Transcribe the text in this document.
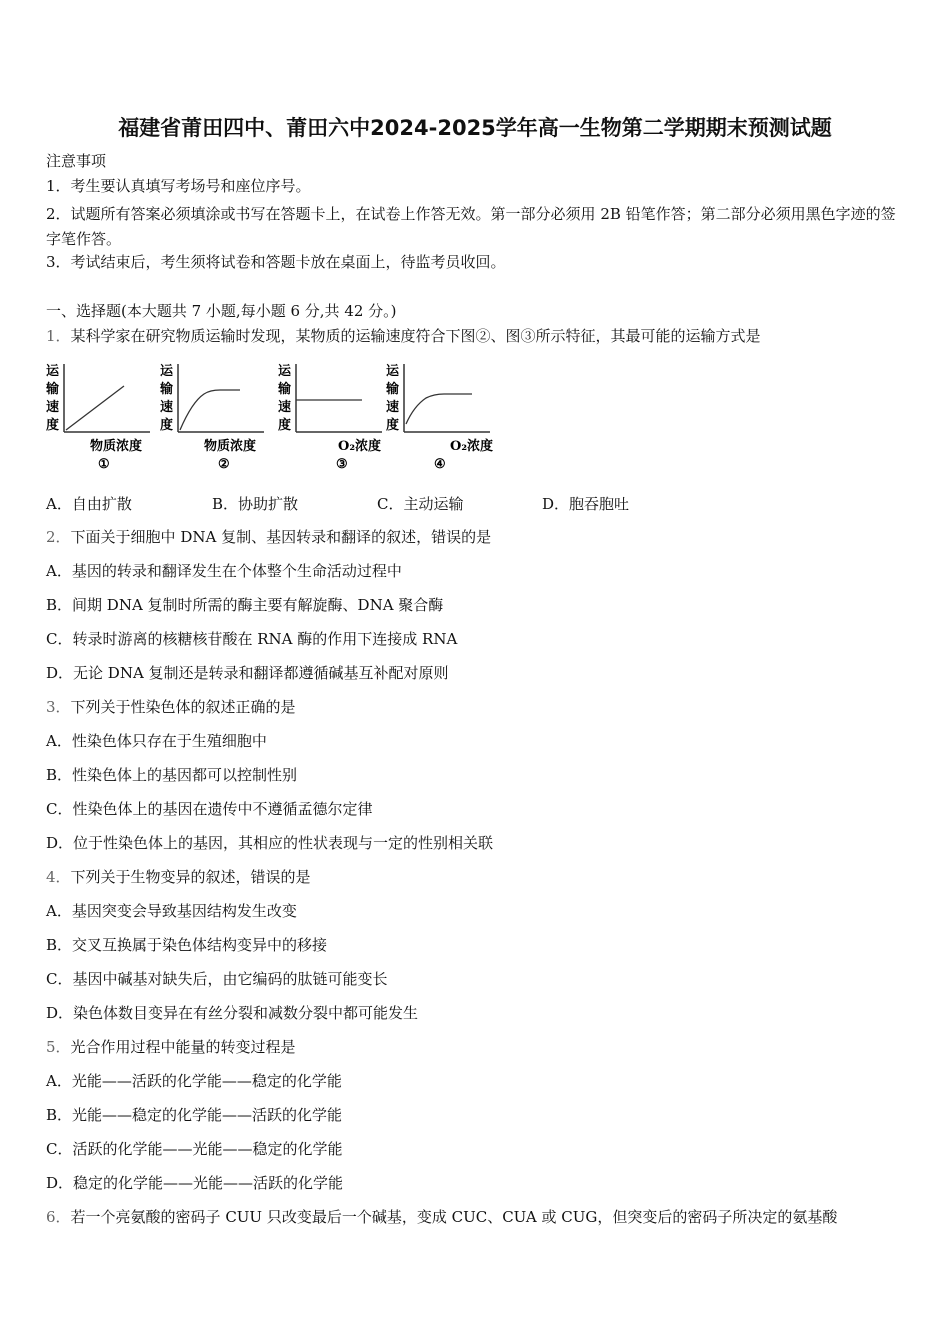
福建省莆田四中、莆田六中2024-2025学年高一生物第二学期期末预测试题
注意事项
1．考生要认真填写考场号和座位序号。
2．试题所有答案必须填涂或书写在答题卡上，在试卷上作答无效。第一部分必须用 2B 铅笔作答；第二部分必须用黑色字迹的签字笔作答。
3．考试结束后，考生须将试卷和答题卡放在桌面上，待监考员收回。
一、选择题(本大题共 7 小题,每小题 6 分,共 42 分。)
1．某科学家在研究物质运输时发现，某物质的运输速度符合下图②、图③所示特征，其最可能的运输方式是
运
输
速
度
物质浓度
①
运
输
速
度
物质浓度
②
运
输
速
度
O₂浓度
③
运
输
速
度
O₂浓度
④
A．自由扩散	B．协助扩散	C．主动运输	D．胞吞胞吐
2．下面关于细胞中 DNA 复制、基因转录和翻译的叙述，错误的是
A．基因的转录和翻译发生在个体整个生命活动过程中
B．间期 DNA 复制时所需的酶主要有解旋酶、DNA 聚合酶
C．转录时游离的核糖核苷酸在 RNA 酶的作用下连接成 RNA
D．无论 DNA 复制还是转录和翻译都遵循碱基互补配对原则
3．下列关于性染色体的叙述正确的是
A．性染色体只存在于生殖细胞中
B．性染色体上的基因都可以控制性别
C．性染色体上的基因在遗传中不遵循孟德尔定律
D．位于性染色体上的基因，其相应的性状表现与一定的性别相关联
4．下列关于生物变异的叙述，错误的是
A．基因突变会导致基因结构发生改变
B．交叉互换属于染色体结构变异中的移接
C．基因中碱基对缺失后，由它编码的肽链可能变长
D．染色体数目变异在有丝分裂和减数分裂中都可能发生
5．光合作用过程中能量的转变过程是
A．光能——活跃的化学能——稳定的化学能
B．光能——稳定的化学能——活跃的化学能
C．活跃的化学能——光能——稳定的化学能
D．稳定的化学能——光能——活跃的化学能
6．若一个亮氨酸的密码子 CUU 只改变最后一个碱基，变成 CUC、CUA 或 CUG，但突变后的密码子所决定的氨基酸
